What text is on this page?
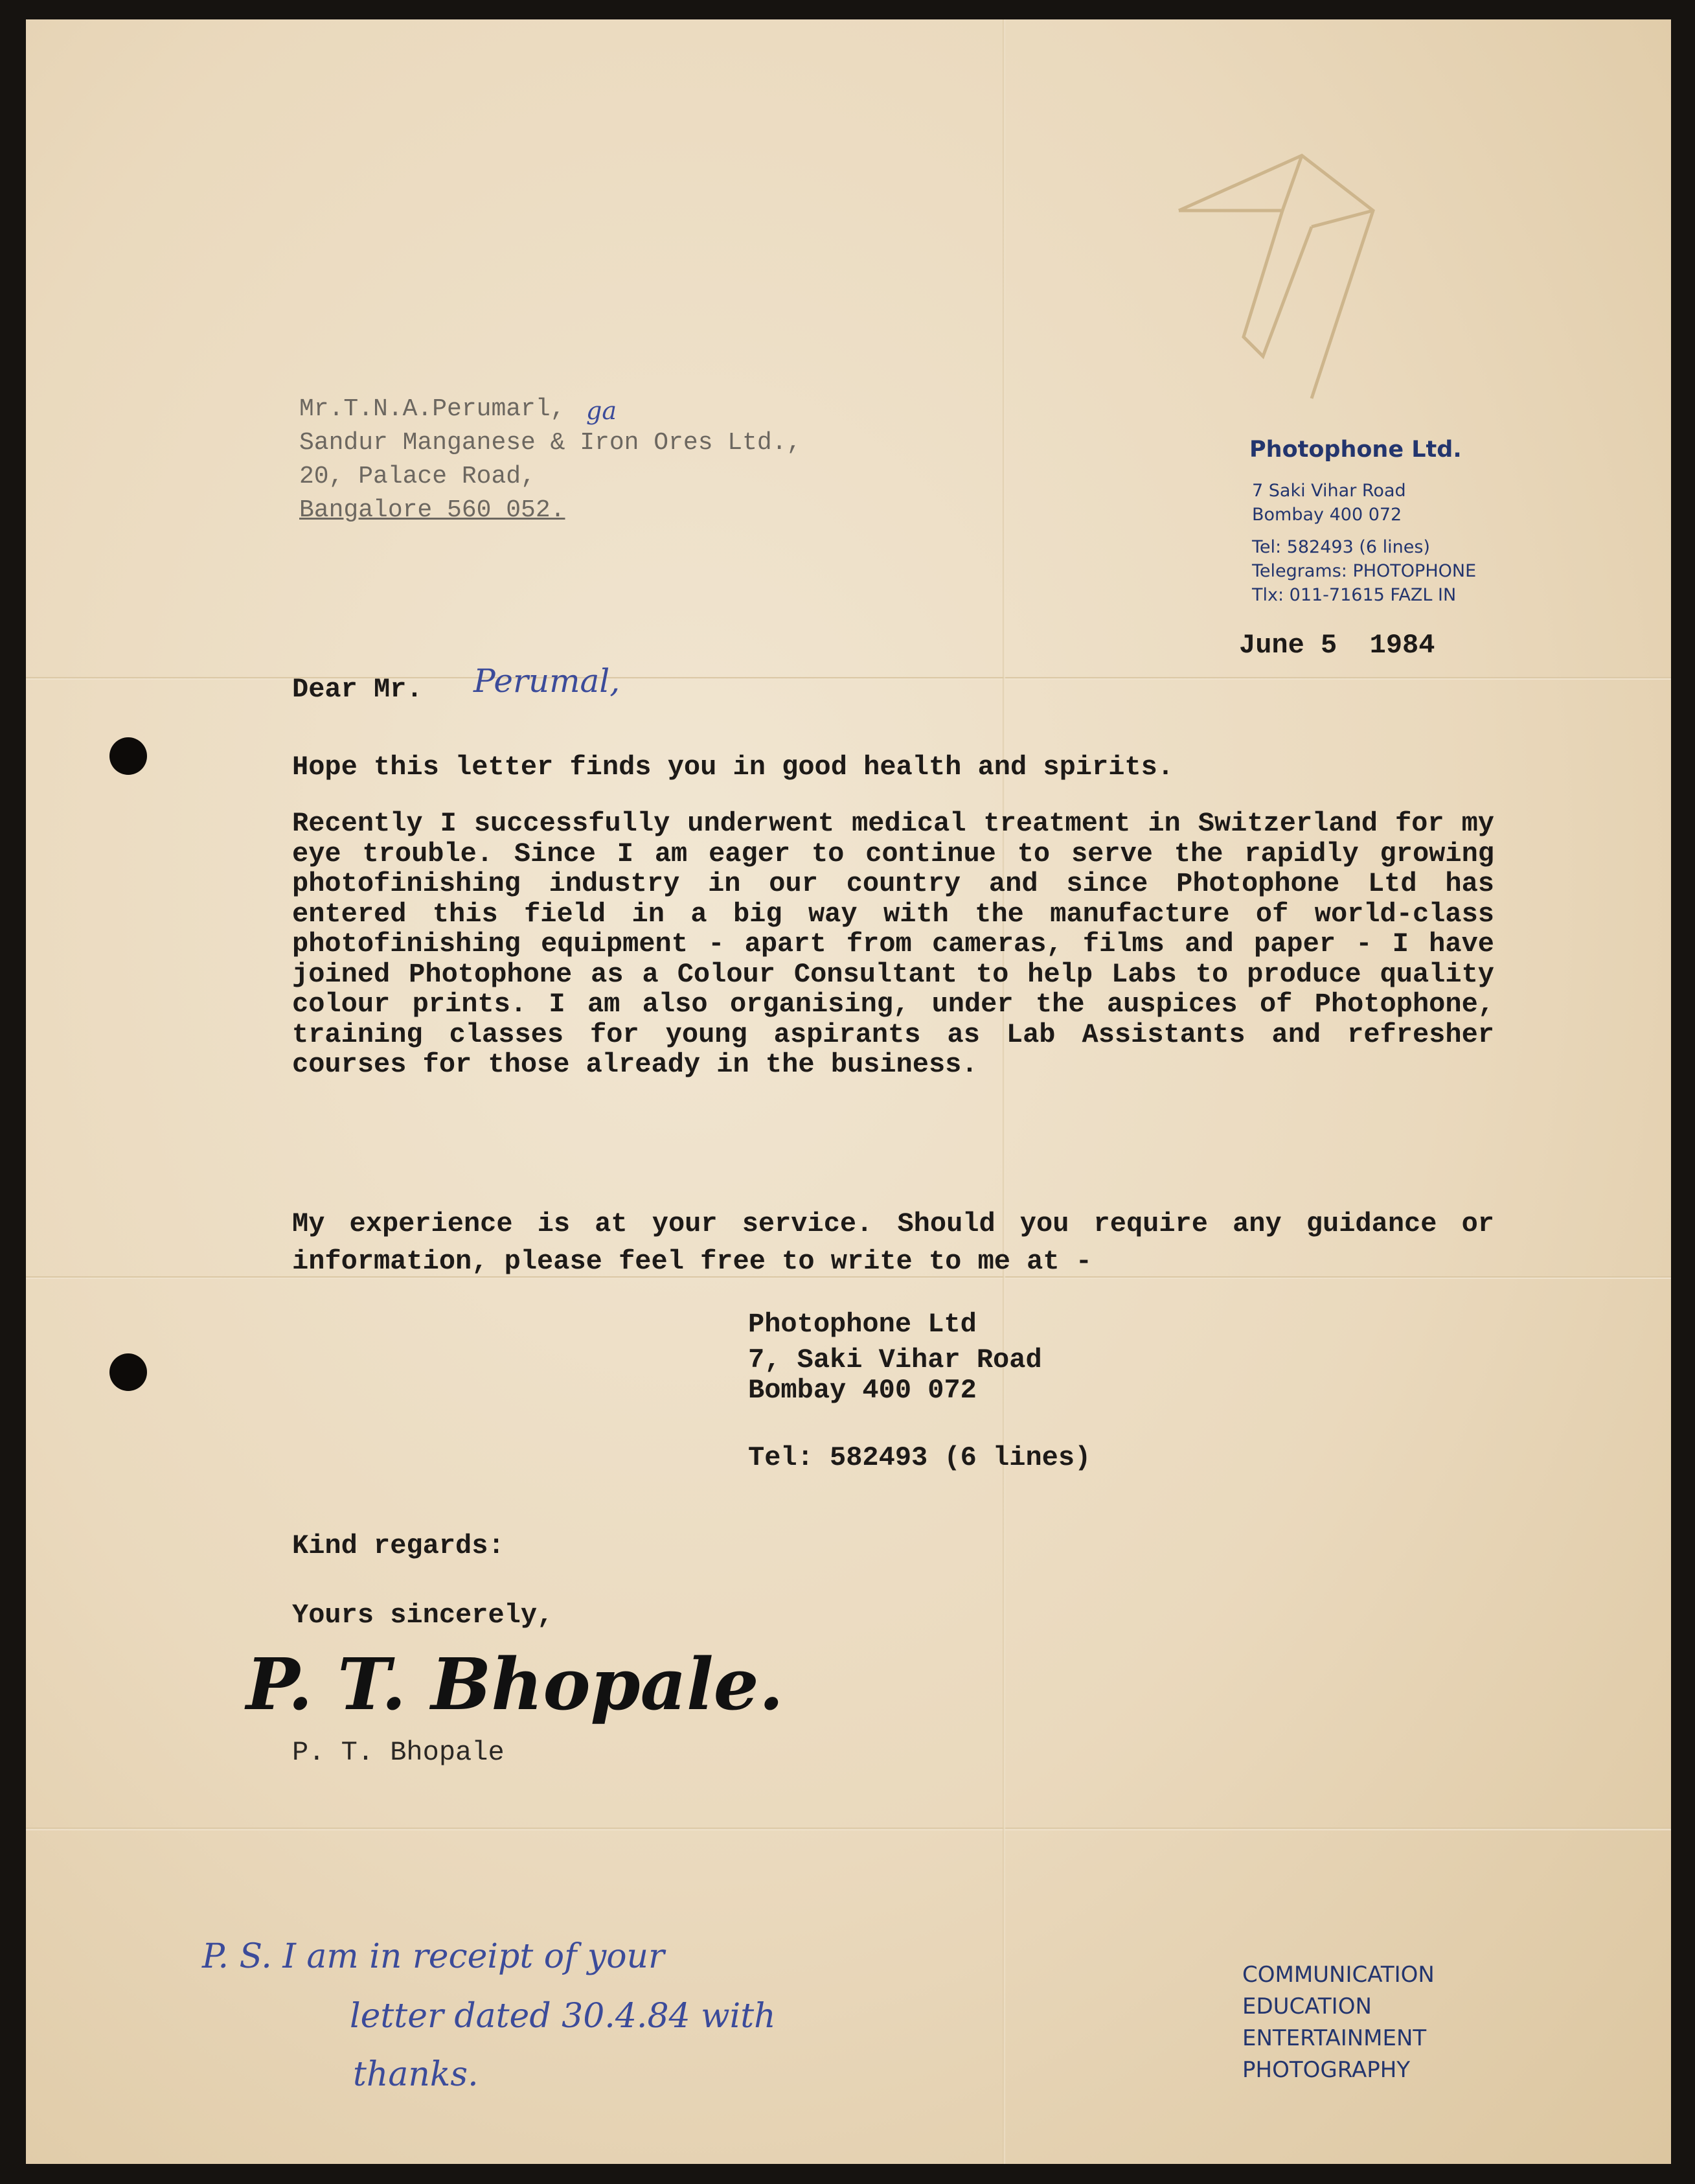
Photophone Ltd.
7 Saki Vihar Road
Bombay 400 072
Tel: 582493 (6 lines)
Telegrams: PHOTOPHONE
Tlx: 011-71615 FAZL IN
June 5  1984
Mr.T.N.A.Perumarl,
Sandur Manganese & Iron Ores Ltd.,
ga
20, Palace Road,
Bangalore 560 052.
Dear Mr. Perumal,
Hope this letter finds you in good health and spirits.
Recently I successfully underwent medical treatment in Switzerland for my eye trouble. Since I am eager to continue to serve the rapidly growing photofinishing industry in our country and since Photophone Ltd has entered this field in a big way with the manufacture of world-class photofinishing equipment - apart from cameras, films and paper - I have joined Photophone as a Colour Consultant to help Labs to produce quality colour prints. I am also organising, under the auspices of Photophone, training classes for young aspirants as Lab Assistants and refresher courses for those already in the business.
My experience is at your service. Should you require any guidance or information, please feel free to write to me at -
Photophone Ltd
7, Saki Vihar Road
Bombay 400 072
Tel: 582493 (6 lines)
Kind regards:
Yours sincerely,
P. T. Bhopale.
P. T. Bhopale
P. S. I am in receipt of your
letter dated 30.4.84 with
thanks.
COMMUNICATION
EDUCATION
ENTERTAINMENT
PHOTOGRAPHY
